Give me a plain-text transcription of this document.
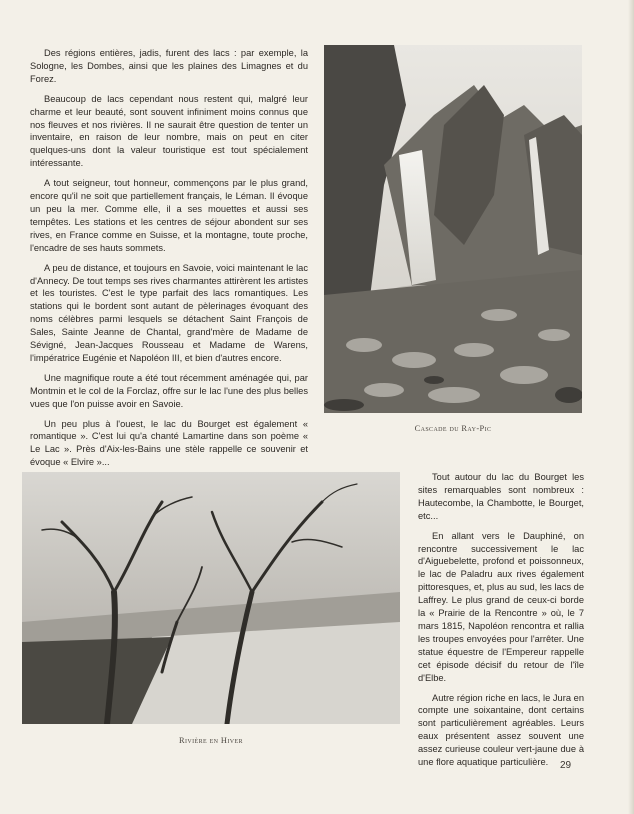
Des régions entières, jadis, furent des lacs : par exemple, la Sologne, les Dombes, ainsi que les plaines des Limagnes et du Forez.

Beaucoup de lacs cependant nous restent qui, malgré leur charme et leur beauté, sont souvent infiniment moins connus que nos fleuves et nos rivières. Il ne saurait être question de tenter un inventaire, en raison de leur nombre, mais on peut en citer quelques-uns dont la valeur touristique est tout spécialement intéressante.

A tout seigneur, tout honneur, commençons par le plus grand, encore qu'il ne soit que partiellement français, le Léman. Il évoque un peu la mer. Comme elle, il a ses mouettes et aussi ses tempêtes. Les stations et les centres de séjour abondent sur ses rives, en France comme en Suisse, et la montagne, toute proche, l'encadre de ses hauts sommets.

A peu de distance, et toujours en Savoie, voici maintenant le lac d'Annecy. De tout temps ses rives charmantes attirèrent les artistes et les touristes. C'est le type parfait des lacs romantiques. Les stations qui le bordent sont autant de pèlerinages évoquant des noms célèbres parmi lesquels se détachent Saint François de Sales, Sainte Jeanne de Chantal, grand'mère de Madame de Sévigné, Jean-Jacques Rousseau et Madame de Warens, l'impératrice Eugénie et Napoléon III, et bien d'autres encore.

Une magnifique route a été tout récemment aménagée qui, par Montmin et le col de la Forclaz, offre sur le lac l'une des plus belles vues que l'on puisse avoir en Savoie.

Un peu plus à l'ouest, le lac du Bourget est également « romantique ». C'est lui qu'a chanté Lamartine dans son poème « Le Lac ». Près d'Aix-les-Bains une stèle rappelle ce souvenir et évoque « Elvire »...

Cascade du Ray-Pic
Rivière en Hiver

Tout autour du lac du Bourget les sites remarquables sont nombreux : Hautecombe, la Chambotte, le Bourget, etc...

En allant vers le Dauphiné, on rencontre successivement le lac d'Aiguebelette, profond et poissonneux, le lac de Paladru aux rives également pittoresques, et, plus au sud, les lacs de Laffrey. Le plus grand de ceux-ci borde la « Prairie de la Rencontre » où, le 7 mars 1815, Napoléon rencontra et rallia les troupes envoyées pour l'arrêter. Une statue équestre de l'Empereur rappelle cet épisode décisif du retour de l'île d'Elbe.

Autre région riche en lacs, le Jura en compte une soixantaine, dont certains sont particulièrement agréables. Leurs eaux présentent assez souvent une assez curieuse couleur vert-jaune due à une flore aquatique particulière.	29
